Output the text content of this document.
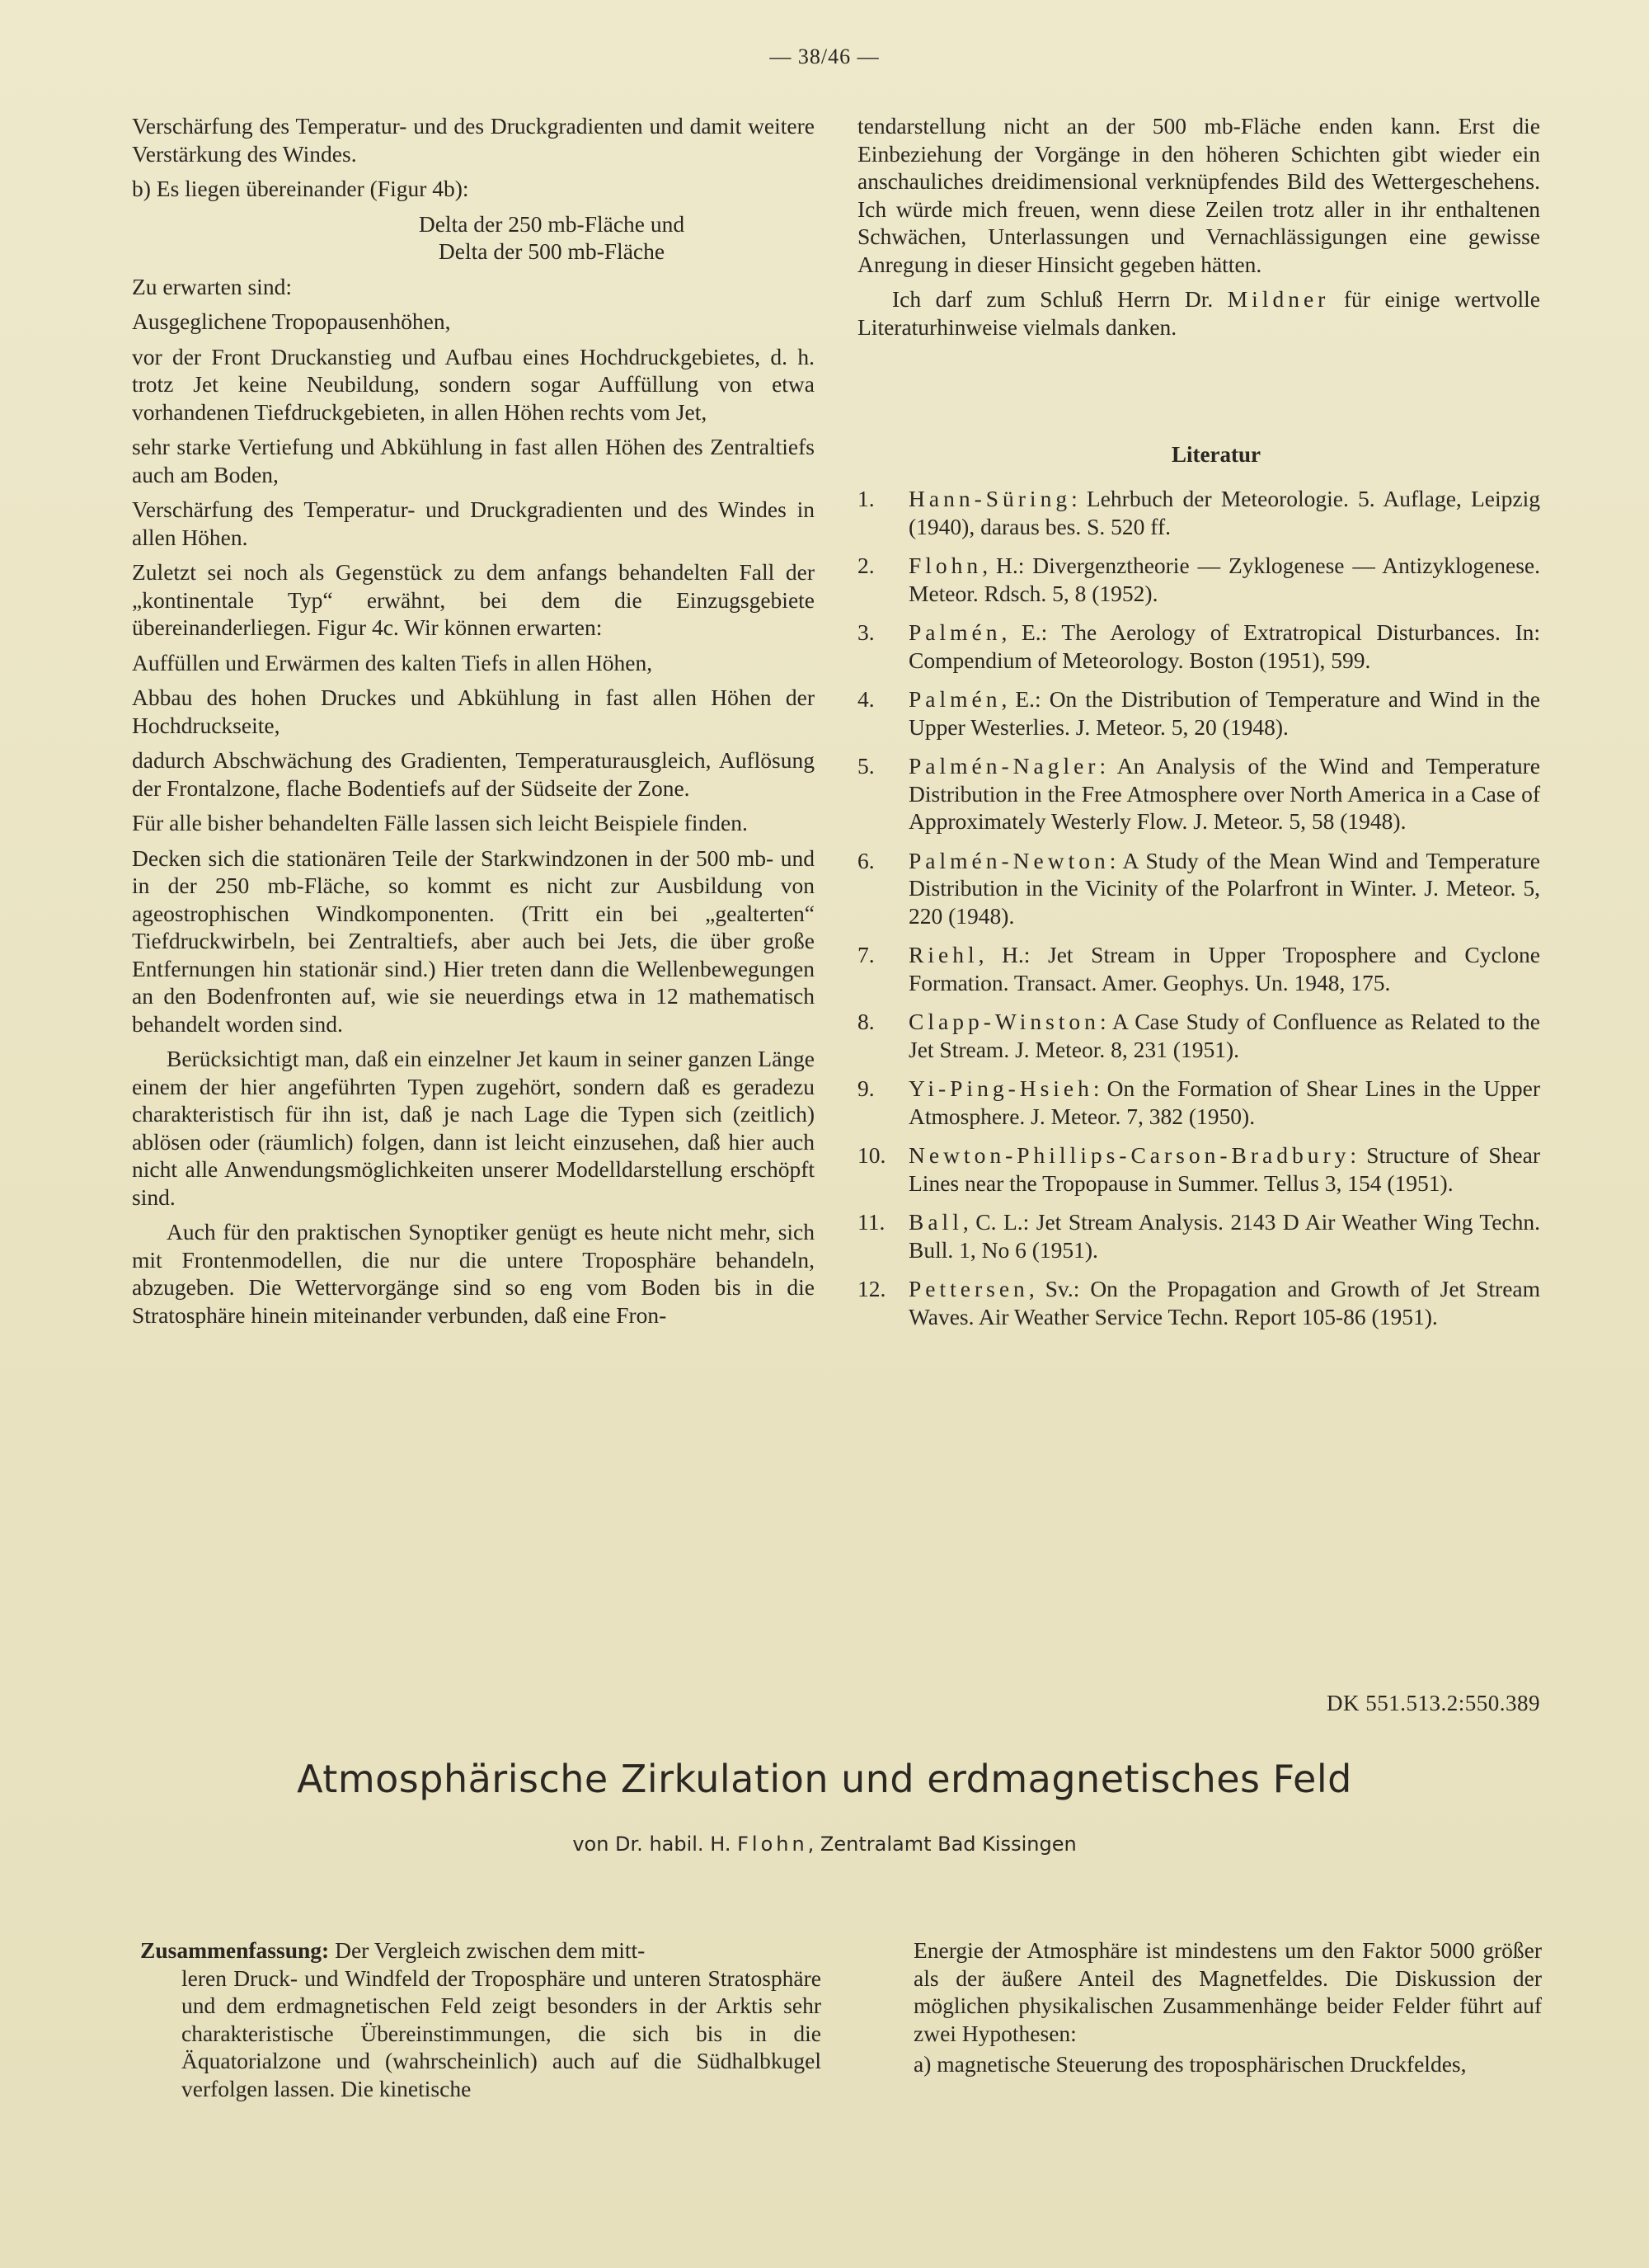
— 38/46 —

Verschärfung des Temperatur- und des Druckgradienten und damit weitere Verstärkung des Windes.

b) Es liegen übereinander (Figur 4b):

Delta der 250 mb-Fläche und

Delta der 500 mb-Fläche

Zu erwarten sind:

Ausgeglichene Tropopausenhöhen,

vor der Front Druckanstieg und Aufbau eines Hochdruckgebietes, d. h. trotz Jet keine Neubildung, sondern sogar Auffüllung von etwa vorhandenen Tiefdruckgebieten, in allen Höhen rechts vom Jet,

sehr starke Vertiefung und Abkühlung in fast allen Höhen des Zentraltiefs auch am Boden,

Verschärfung des Temperatur- und Druckgradienten und des Windes in allen Höhen.

Zuletzt sei noch als Gegenstück zu dem anfangs behandelten Fall der „kontinentale Typ“ erwähnt, bei dem die Einzugsgebiete übereinanderliegen. Figur 4c. Wir können erwarten:

Auffüllen und Erwärmen des kalten Tiefs in allen Höhen,

Abbau des hohen Druckes und Abkühlung in fast allen Höhen der Hochdruckseite,

dadurch Abschwächung des Gradienten, Temperaturausgleich, Auflösung der Frontalzone, flache Bodentiefs auf der Südseite der Zone.

Für alle bisher behandelten Fälle lassen sich leicht Beispiele finden.

Decken sich die stationären Teile der Starkwindzonen in der 500 mb- und in der 250 mb-Fläche, so kommt es nicht zur Ausbildung von ageostrophischen Windkomponenten. (Tritt ein bei „gealterten“ Tiefdruckwirbeln, bei Zentraltiefs, aber auch bei Jets, die über große Entfernungen hin stationär sind.) Hier treten dann die Wellenbewegungen an den Bodenfronten auf, wie sie neuerdings etwa in 12 mathematisch behandelt worden sind.

Berücksichtigt man, daß ein einzelner Jet kaum in seiner ganzen Länge einem der hier angeführten Typen zugehört, sondern daß es geradezu charakteristisch für ihn ist, daß je nach Lage die Typen sich (zeitlich) ablösen oder (räumlich) folgen, dann ist leicht einzusehen, daß hier auch nicht alle Anwendungsmöglichkeiten unserer Modelldarstellung erschöpft sind.

Auch für den praktischen Synoptiker genügt es heute nicht mehr, sich mit Frontenmodellen, die nur die untere Troposphäre behandeln, abzugeben. Die Wettervorgänge sind so eng vom Boden bis in die Stratosphäre hinein miteinander verbunden, daß eine Fron-

tendarstellung nicht an der 500 mb-Fläche enden kann. Erst die Einbeziehung der Vorgänge in den höheren Schichten gibt wieder ein anschauliches dreidimensional verknüpfendes Bild des Wettergeschehens. Ich würde mich freuen, wenn diese Zeilen trotz aller in ihr enthaltenen Schwächen, Unterlassungen und Vernachlässigungen eine gewisse Anregung in dieser Hinsicht gegeben hätten.

Ich darf zum Schluß Herrn Dr. Mildner für einige wertvolle Literaturhinweise vielmals danken.

Literatur
1. Hann-Süring: Lehrbuch der Meteorologie. 5. Auflage, Leipzig (1940), daraus bes. S. 520 ff.
2. Flohn, H.: Divergenztheorie — Zyklogenese — Antizyklogenese. Meteor. Rdsch. 5, 8 (1952).
3. Palmén, E.: The Aerology of Extratropical Disturbances. In: Compendium of Meteorology. Boston (1951), 599.
4. Palmén, E.: On the Distribution of Temperature and Wind in the Upper Westerlies. J. Meteor. 5, 20 (1948).
5. Palmén-Nagler: An Analysis of the Wind and Temperature Distribution in the Free Atmosphere over North America in a Case of Approximately Westerly Flow. J. Meteor. 5, 58 (1948).
6. Palmén-Newton: A Study of the Mean Wind and Temperature Distribution in the Vicinity of the Polarfront in Winter. J. Meteor. 5, 220 (1948).
7. Riehl, H.: Jet Stream in Upper Troposphere and Cyclone Formation. Transact. Amer. Geophys. Un. 1948, 175.
8. Clapp-Winston: A Case Study of Confluence as Related to the Jet Stream. J. Meteor. 8, 231 (1951).
9. Yi-Ping-Hsieh: On the Formation of Shear Lines in the Upper Atmosphere. J. Meteor. 7, 382 (1950).
10. Newton-Phillips-Carson-Bradbury: Structure of Shear Lines near the Tropopause in Summer. Tellus 3, 154 (1951).
11. Ball, C. L.: Jet Stream Analysis. 2143 D Air Weather Wing Techn. Bull. 1, No 6 (1951).
12. Pettersen, Sv.: On the Propagation and Growth of Jet Stream Waves. Air Weather Service Techn. Report 105-86 (1951).
DK 551.513.2:550.389
Atmosphärische Zirkulation und erdmagnetisches Feld
von Dr. habil. H. Flohn, Zentralamt Bad Kissingen
Zusammenfassung: Der Vergleich zwischen dem mitt-
leren Druck- und Windfeld der Troposphäre und unteren Stratosphäre und dem erdmagnetischen Feld zeigt besonders in der Arktis sehr charakteristische Übereinstimmungen, die sich bis in die Äquatorialzone und (wahrscheinlich) auch auf die Südhalbkugel verfolgen lassen. Die kinetische
Energie der Atmosphäre ist mindestens um den Faktor 5000 größer als der äußere Anteil des Magnetfeldes. Die Diskussion der möglichen physikalischen Zusammenhänge beider Felder führt auf zwei Hypothesen:
a) magnetische Steuerung des troposphärischen Druckfeldes,
